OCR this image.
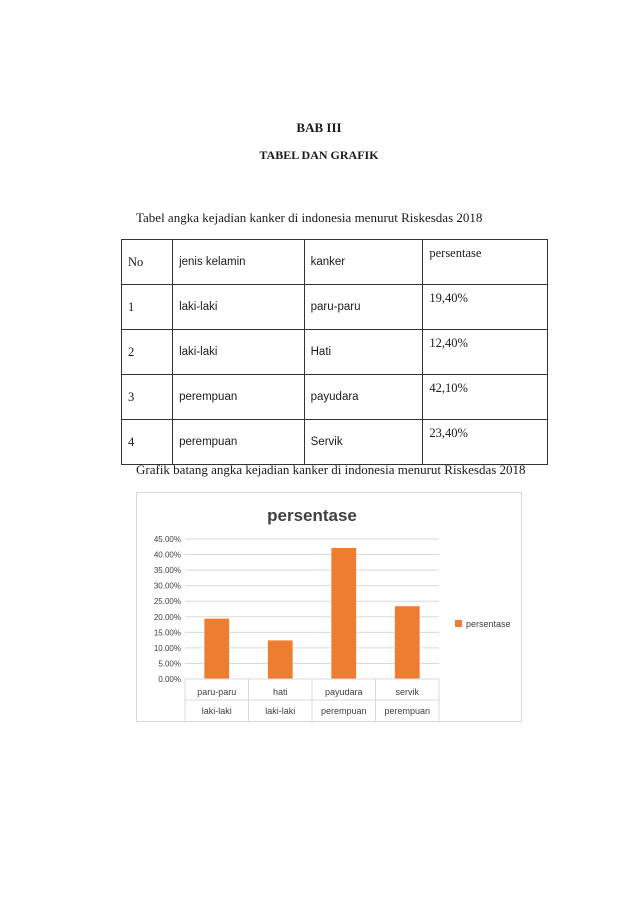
BAB III
TABEL DAN GRAFIK
Tabel angka kejadian kanker di indonesia menurut Riskesdas 2018
No	jenis kelamin	kanker	persentase
1	laki-laki	paru-paru	19,40%
2	laki-laki	Hati	12,40%
3	perempuan	payudara	42,10%
4	perempuan	Servik	23,40%
Grafik batang angka kejadian kanker di indonesia menurut Riskesdas 2018
persentase
0.00%
5.00%
10.00%
15.00%
20.00%
25.00%
30.00%
35.00%
40.00%
45.00%
paru-paru
laki-laki
hati
laki-laki
payudara
perempuan
servik
perempuan
persentase
